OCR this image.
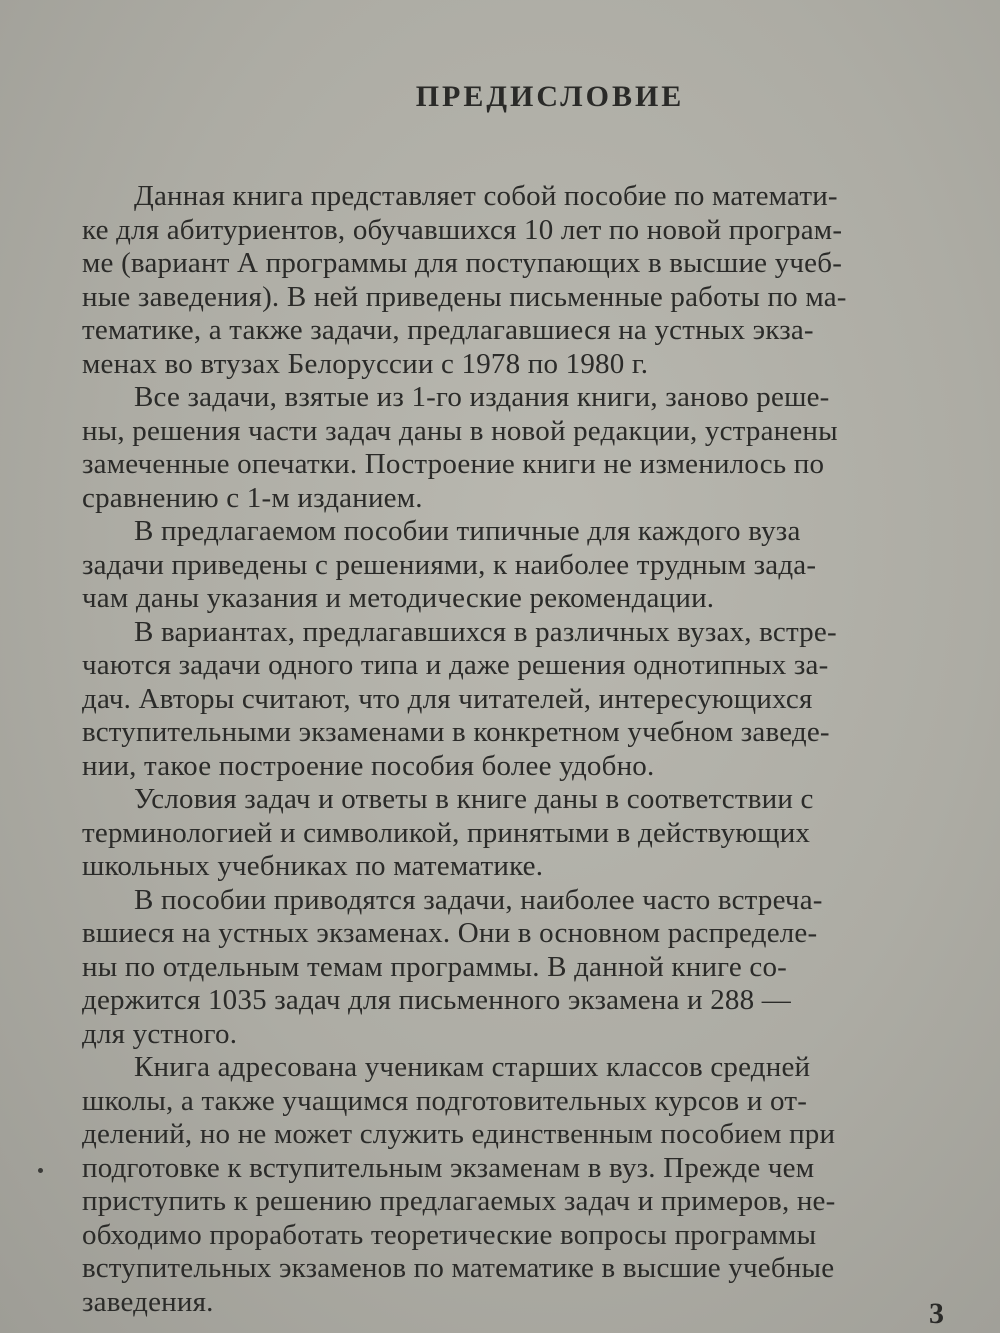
ПРЕДИСЛОВИЕ
Данная книга представляет собой пособие по математи-
ке для абитуриентов, обучавшихся 10 лет по новой програм-
ме (вариант А программы для поступающих в высшие учеб-
ные заведения). В ней приведены письменные работы по ма-
тематике, а также задачи, предлагавшиеся на устных экза-
менах во втузах Белоруссии с 1978 по 1980 г.
Все задачи, взятые из 1-го издания книги, заново реше-
ны, решения части задач даны в новой редакции, устранены
замеченные опечатки. Построение книги не изменилось по
сравнению с 1-м изданием.
В предлагаемом пособии типичные для каждого вуза
задачи приведены с решениями, к наиболее трудным зада-
чам даны указания и методические рекомендации.
В вариантах, предлагавшихся в различных вузах, встре-
чаются задачи одного типа и даже решения однотипных за-
дач. Авторы считают, что для читателей, интересующихся
вступительными экзаменами в конкретном учебном заведе-
нии, такое построение пособия более удобно.
Условия задач и ответы в книге даны в соответствии с
терминологией и символикой, принятыми в действующих
школьных учебниках по математике.
В пособии приводятся задачи, наиболее часто встреча-
вшиеся на устных экзаменах. Они в основном распределе-
ны по отдельным темам программы. В данной книге со-
держится 1035 задач для письменного экзамена и 288 —
для устного.
Книга адресована ученикам старших классов средней
школы, а также учащимся подготовительных курсов и от-
делений, но не может служить единственным пособием при
подготовке к вступительным экзаменам в вуз. Прежде чем
приступить к решению предлагаемых задач и примеров, не-
обходимо проработать теоретические вопросы программы
вступительных экзаменов по математике в высшие учебные
заведения.	3
